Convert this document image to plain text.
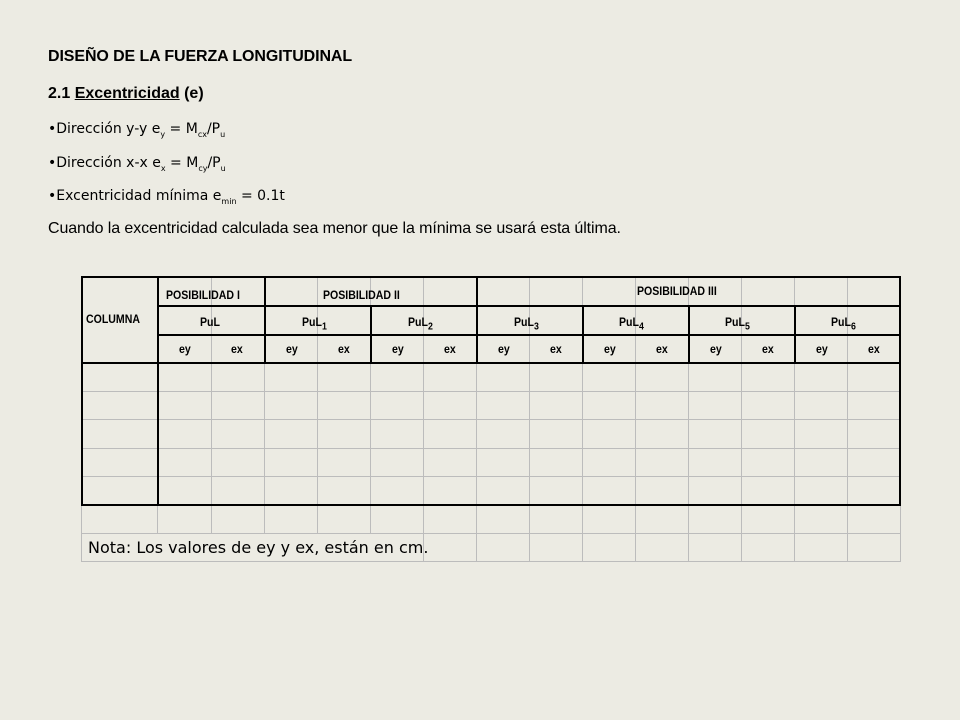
DISEÑO DE LA FUERZA LONGITUDINAL
2.1 Excentricidad (e)
•Dirección y-y $e_y = M_{cx}/P_u$
•Dirección x-x $e_x = M_{cy}/P_u$
•Excentricidad mínima $e_{min} = 0.1t$
Cuando la excentricidad calculada sea menor que la mínima se usará esta última.
COLUMNA
POSIBILIDAD I	POSIBILIDAD II	POSIBILIDAD III
PuL	PuL$_1$	PuL$_2$	PuL$_3$	PuL$_4$	PuL$_5$	PuL$_6$
ey	ex	ey	ex	ey	ex	ey	ex	ey	ex	ey	ex	ey	ex
Nota: Los valores de ey y ex, están en cm.
